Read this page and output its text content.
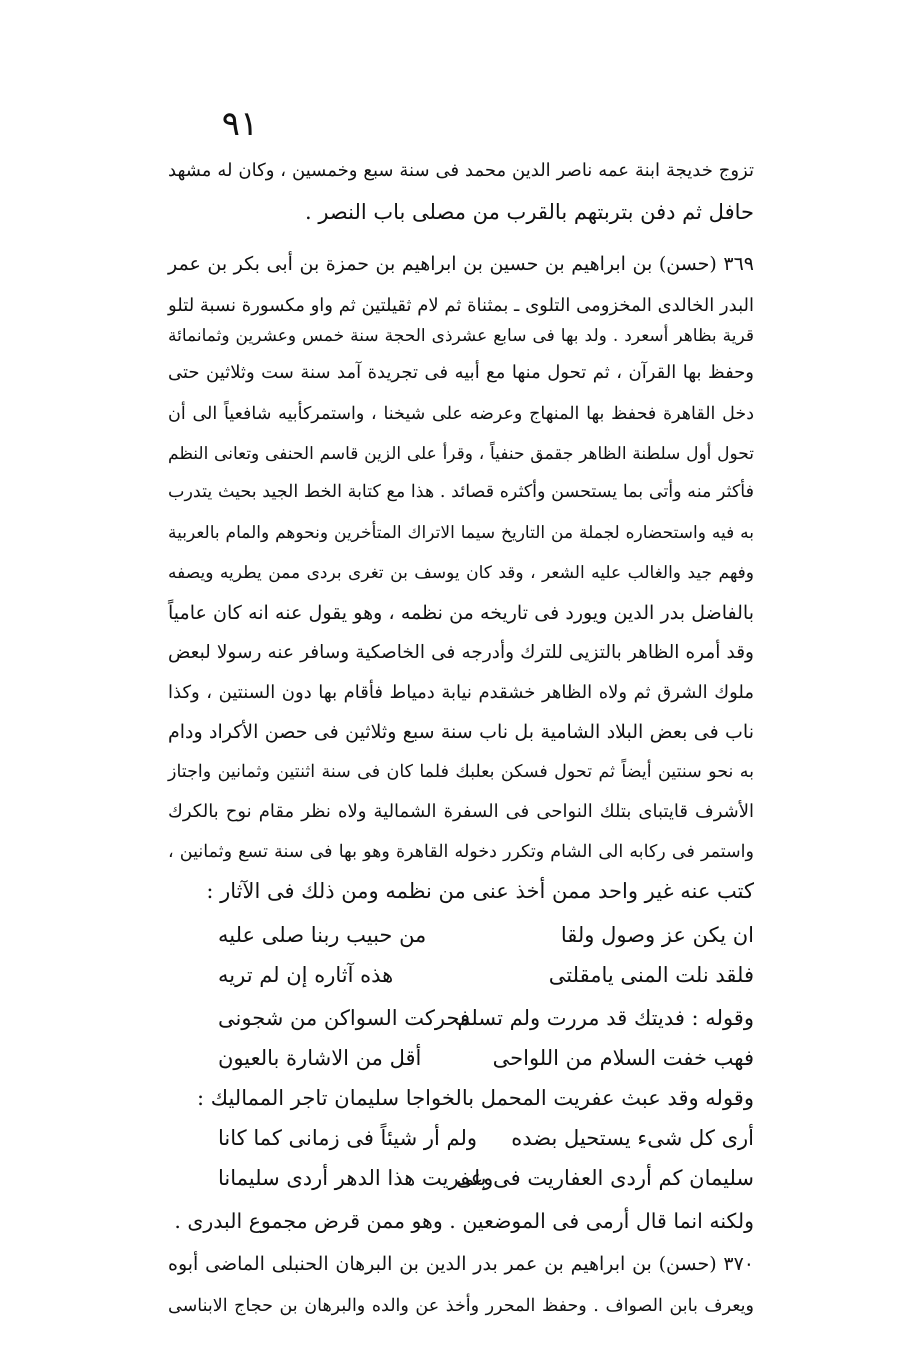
٩١
تزوج خديجة ابنة عمه ناصر الدين محمد فى سنة سبع وخمسين ، وكان له مشهد
حافل ثم دفن بتربتهم بالقرب من مصلى باب النصر .
٣٦٩ (حسن) بن ابراهيم بن حسين بن ابراهيم بن حمزة بن أبى بكر بن عمر
البدر الخالدى المخزومى التلوى ـ بمثناة ثم لام ثقيلتين ثم واو مكسورة نسبة لتلو
قرية بظاهر أسعرد . ولد بها فى سابع عشرذى الحجة سنة خمس وعشرين وثمانمائة
وحفظ بها القرآن ، ثم تحول منها مع أبيه فى تجريدة آمد سنة ست وثلاثين حتى
دخل القاهرة فحفظ بها المنهاج وعرضه على شيخنا ، واستمركأبيه شافعياً الى أن
تحول أول سلطنة الظاهر جقمق حنفياً ، وقرأ على الزين قاسم الحنفى وتعانى النظم
فأكثر منه وأتى بما يستحسن وأكثره قصائد . هذا مع كتابة الخط الجيد بحيث يتدرب
به فيه واستحضاره لجملة من التاريخ سيما الاتراك المتأخرين ونحوهم والمام بالعربية
وفهم جيد والغالب عليه الشعر ، وقد كان يوسف بن تغرى بردى ممن يطريه ويصفه
بالفاضل بدر الدين ويورد فى تاريخه من نظمه ، وهو يقول عنه انه كان عامياً
وقد أمره الظاهر بالتزيى للترك وأدرجه فى الخاصكية وسافر عنه رسولا لبعض
ملوك الشرق ثم ولاه الظاهر خشقدم نيابة دمياط فأقام بها دون السنتين ، وكذا
ناب فى بعض البلاد الشامية بل ناب سنة سبع وثلاثين فى حصن الأكراد ودام
به نحو سنتين أيضاً ثم تحول فسكن بعلبك فلما كان فى سنة اثنتين وثمانين واجتاز
الأشرف قايتباى بتلك النواحى فى السفرة الشمالية ولاه نظر مقام نوح بالكرك
واستمر فى ركابه الى الشام وتكرر دخوله القاهرة وهو بها فى سنة تسع وثمانين ،
كتب عنه غير واحد ممن أخذ عنى من نظمه ومن ذلك فى الآثار :
ان يكن عز وصول ولقا
من حبيب ربنا صلى عليه
فلقد نلت المنى يامقلتى
هذه آثاره إن لم تريه
وقوله : فديتك قد مررت ولم تسلم
فحركت السواكن من شجونى
فهب خفت السلام من اللواحى
أقل من الاشارة بالعيون
وقوله وقد عبث عفريت المحمل بالخواجا سليمان تاجر المماليك :
أرى كل شىء يستحيل بضده
ولم أر شيئاً فى زمانى كما كانا
سليمان كم أردى العفاريت فى بلى
وعفريت هذا الدهر أردى سليمانا
ولكنه انما قال أرمى فى الموضعين . وهو ممن قرض مجموع البدرى .
٣٧٠ (حسن) بن ابراهيم بن عمر بدر الدين بن البرهان الحنبلى الماضى أبوه
ويعرف بابن الصواف . وحفظ المحرر وأخذ عن والده والبرهان بن حجاج الابناسى
